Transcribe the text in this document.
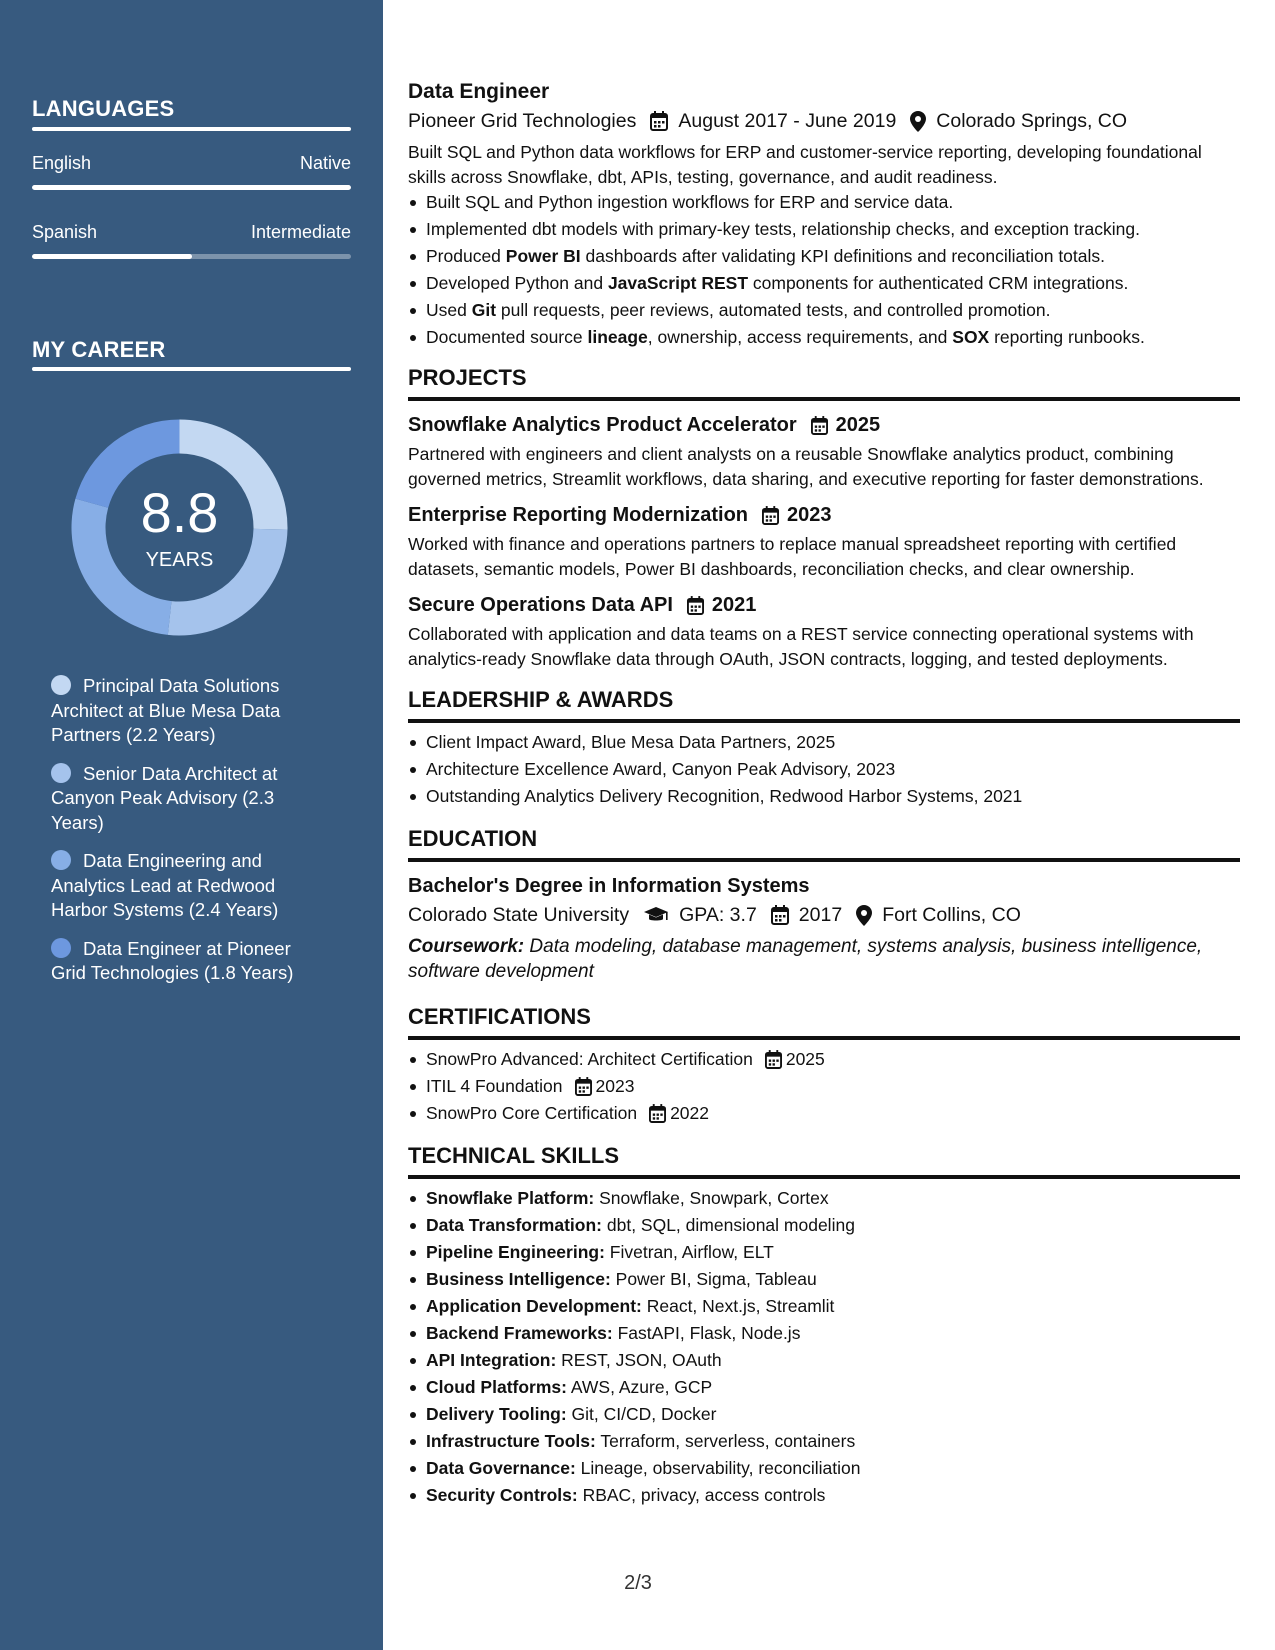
LANGUAGES
English	Native
Spanish	Intermediate
MY CAREER
8.8
YEARS
Principal Data Solutions Architect at Blue Mesa Data Partners (2.2 Years)
Senior Data Architect at Canyon Peak Advisory (2.3 Years)
Data Engineering and Analytics Lead at Redwood Harbor Systems (2.4 Years)
Data Engineer at Pioneer Grid Technologies (1.8 Years)
Data Engineer
Pioneer Grid Technologies August 2017 - June 2019 Colorado Springs, CO
Built SQL and Python data workflows for ERP and customer-service reporting, developing foundational skills across Snowflake, dbt, APIs, testing, governance, and audit readiness.
Built SQL and Python ingestion workflows for ERP and service data.
Implemented dbt models with primary-key tests, relationship checks, and exception tracking.
Produced Power BI dashboards after validating KPI definitions and reconciliation totals.
Developed Python and JavaScript REST components for authenticated CRM integrations.
Used Git pull requests, peer reviews, automated tests, and controlled promotion.
Documented source lineage, ownership, access requirements, and SOX reporting runbooks.
PROJECTS
Snowflake Analytics Product Accelerator 2025
Partnered with engineers and client analysts on a reusable Snowflake analytics product, combining governed metrics, Streamlit workflows, data sharing, and executive reporting for faster demonstrations.
Enterprise Reporting Modernization 2023
Worked with finance and operations partners to replace manual spreadsheet reporting with certified datasets, semantic models, Power BI dashboards, reconciliation checks, and clear ownership.
Secure Operations Data API 2021
Collaborated with application and data teams on a REST service connecting operational systems with analytics-ready Snowflake data through OAuth, JSON contracts, logging, and tested deployments.
LEADERSHIP & AWARDS
Client Impact Award, Blue Mesa Data Partners, 2025
Architecture Excellence Award, Canyon Peak Advisory, 2023
Outstanding Analytics Delivery Recognition, Redwood Harbor Systems, 2021
EDUCATION
Bachelor's Degree in Information Systems
Colorado State University	GPA: 3.7 2017 Fort Collins, CO
Coursework: Data modeling, database management, systems analysis, business intelligence, software development
CERTIFICATIONS
SnowPro Advanced: Architect Certification 2025
ITIL 4 Foundation 2023
SnowPro Core Certification 2022
TECHNICAL SKILLS
Snowflake Platform: Snowflake, Snowpark, Cortex
Data Transformation: dbt, SQL, dimensional modeling
Pipeline Engineering: Fivetran, Airflow, ELT
Business Intelligence: Power BI, Sigma, Tableau
Application Development: React, Next.js, Streamlit
Backend Frameworks: FastAPI, Flask, Node.js
API Integration: REST, JSON, OAuth
Cloud Platforms: AWS, Azure, GCP
Delivery Tooling: Git, CI/CD, Docker
Infrastructure Tools: Terraform, serverless, containers
Data Governance: Lineage, observability, reconciliation
Security Controls: RBAC, privacy, access controls
2/3
